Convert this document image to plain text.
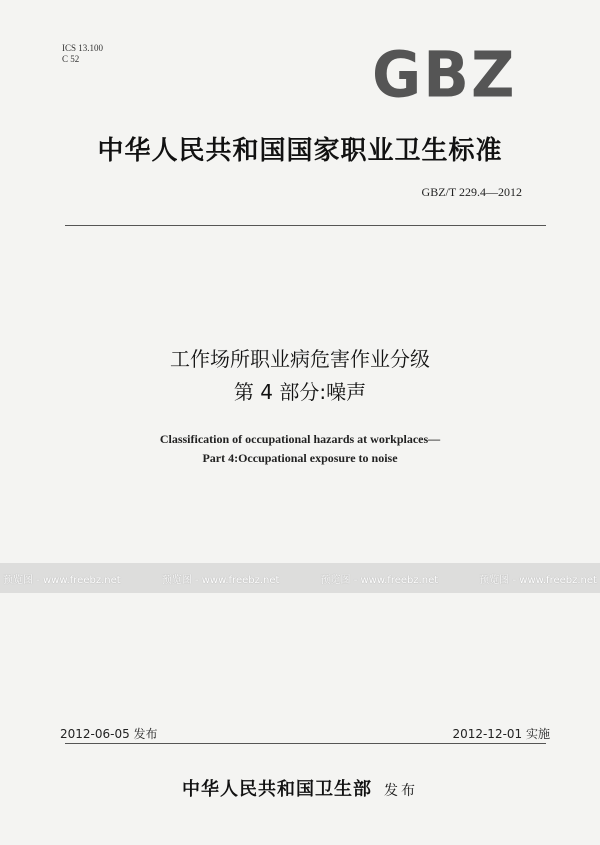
ICS 13.100
C 52	GBZ
中华人民共和国国家职业卫生标准
GBZ/T 229.4—2012
工作场所职业病危害作业分级
第 4 部分:噪声
Classification of occupational hazards at workplaces—
Part 4:Occupational exposure to noise
预览图 - www.freebz.net	预览图 - www.freebz.net	预览图 - www.freebz.net	预览图 - www.freebz.net
2012-06-05 发布	2012-12-01 实施
中华人民共和国卫生部 发布
